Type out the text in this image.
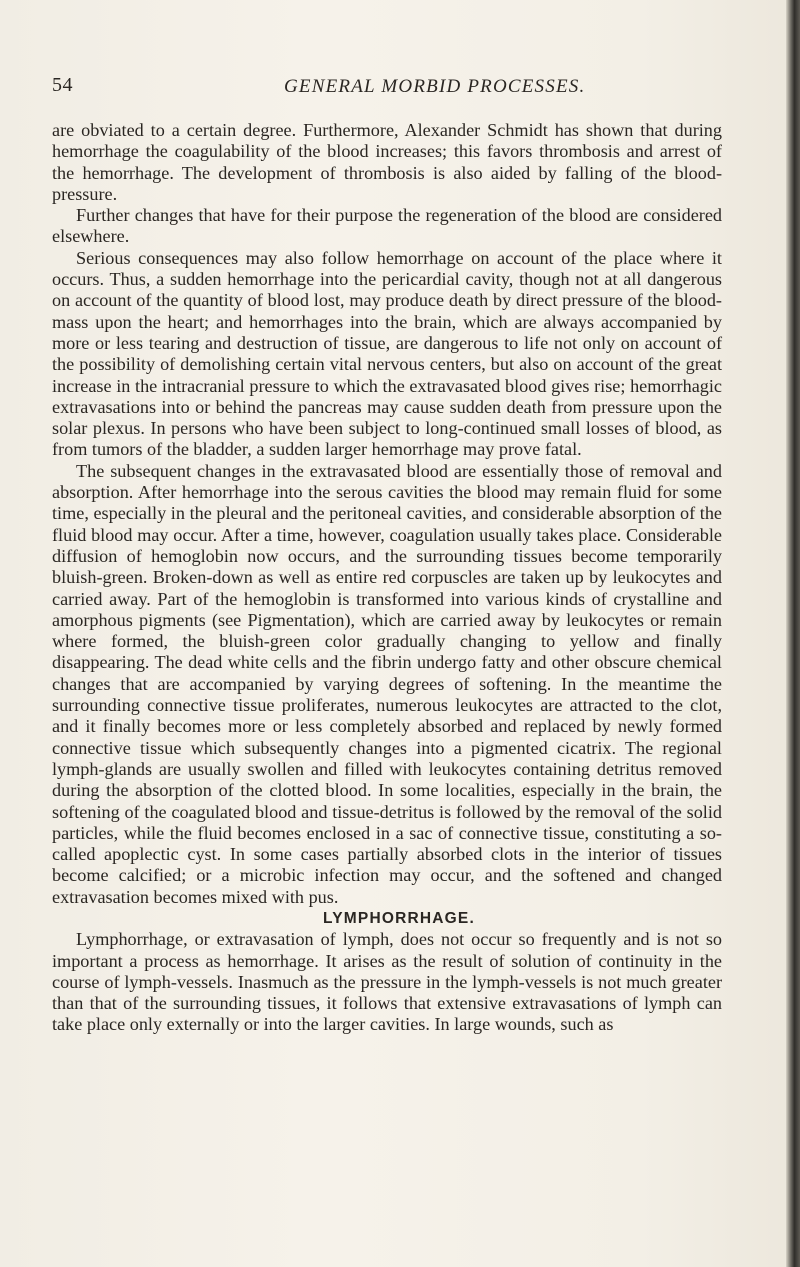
54	GENERAL MORBID PROCESSES.

are obviated to a certain degree. Furthermore, Alexander Schmidt has shown that during hemorrhage the coagulability of the blood increases; this favors thrombosis and arrest of the hemorrhage. The development of thrombosis is also aided by falling of the blood-pressure.

Further changes that have for their purpose the regeneration of the blood are considered elsewhere.

Serious consequences may also follow hemorrhage on account of the place where it occurs. Thus, a sudden hemorrhage into the pericardial cavity, though not at all dangerous on account of the quantity of blood lost, may produce death by direct pressure of the blood-mass upon the heart; and hemorrhages into the brain, which are always accompanied by more or less tearing and destruction of tissue, are dangerous to life not only on account of the possibility of demolishing certain vital nervous centers, but also on account of the great increase in the intracranial pressure to which the extravasated blood gives rise; hemorrhagic extravasations into or behind the pancreas may cause sudden death from pressure upon the solar plexus. In persons who have been subject to long-continued small losses of blood, as from tumors of the bladder, a sudden larger hemorrhage may prove fatal.

The subsequent changes in the extravasated blood are essentially those of removal and absorption. After hemorrhage into the serous cavities the blood may remain fluid for some time, especially in the pleural and the peritoneal cavities, and considerable absorption of the fluid blood may occur. After a time, however, coagulation usually takes place. Considerable diffusion of hemoglobin now occurs, and the surrounding tissues become temporarily bluish-green. Broken-down as well as entire red corpuscles are taken up by leukocytes and carried away. Part of the hemoglobin is transformed into various kinds of crystalline and amorphous pigments (see Pigmentation), which are carried away by leukocytes or remain where formed, the bluish-green color gradually changing to yellow and finally disappearing. The dead white cells and the fibrin undergo fatty and other obscure chemical changes that are accompanied by varying degrees of softening. In the meantime the surrounding connective tissue proliferates, numerous leukocytes are attracted to the clot, and it finally becomes more or less completely absorbed and replaced by newly formed connective tissue which subsequently changes into a pigmented cicatrix. The regional lymph-glands are usually swollen and filled with leukocytes containing detritus removed during the absorption of the clotted blood. In some localities, especially in the brain, the softening of the coagulated blood and tissue-detritus is followed by the removal of the solid particles, while the fluid becomes enclosed in a sac of connective tissue, constituting a so-called apoplectic cyst. In some cases partially absorbed clots in the interior of tissues become calcified; or a microbic infection may occur, and the softened and changed extravasation becomes mixed with pus.

LYMPHORRHAGE.

Lymphorrhage, or extravasation of lymph, does not occur so frequently and is not so important a process as hemorrhage. It arises as the result of solution of continuity in the course of lymph-vessels. Inasmuch as the pressure in the lymph-vessels is not much greater than that of the surrounding tissues, it follows that extensive extravasations of lymph can take place only externally or into the larger cavities. In large wounds, such as
